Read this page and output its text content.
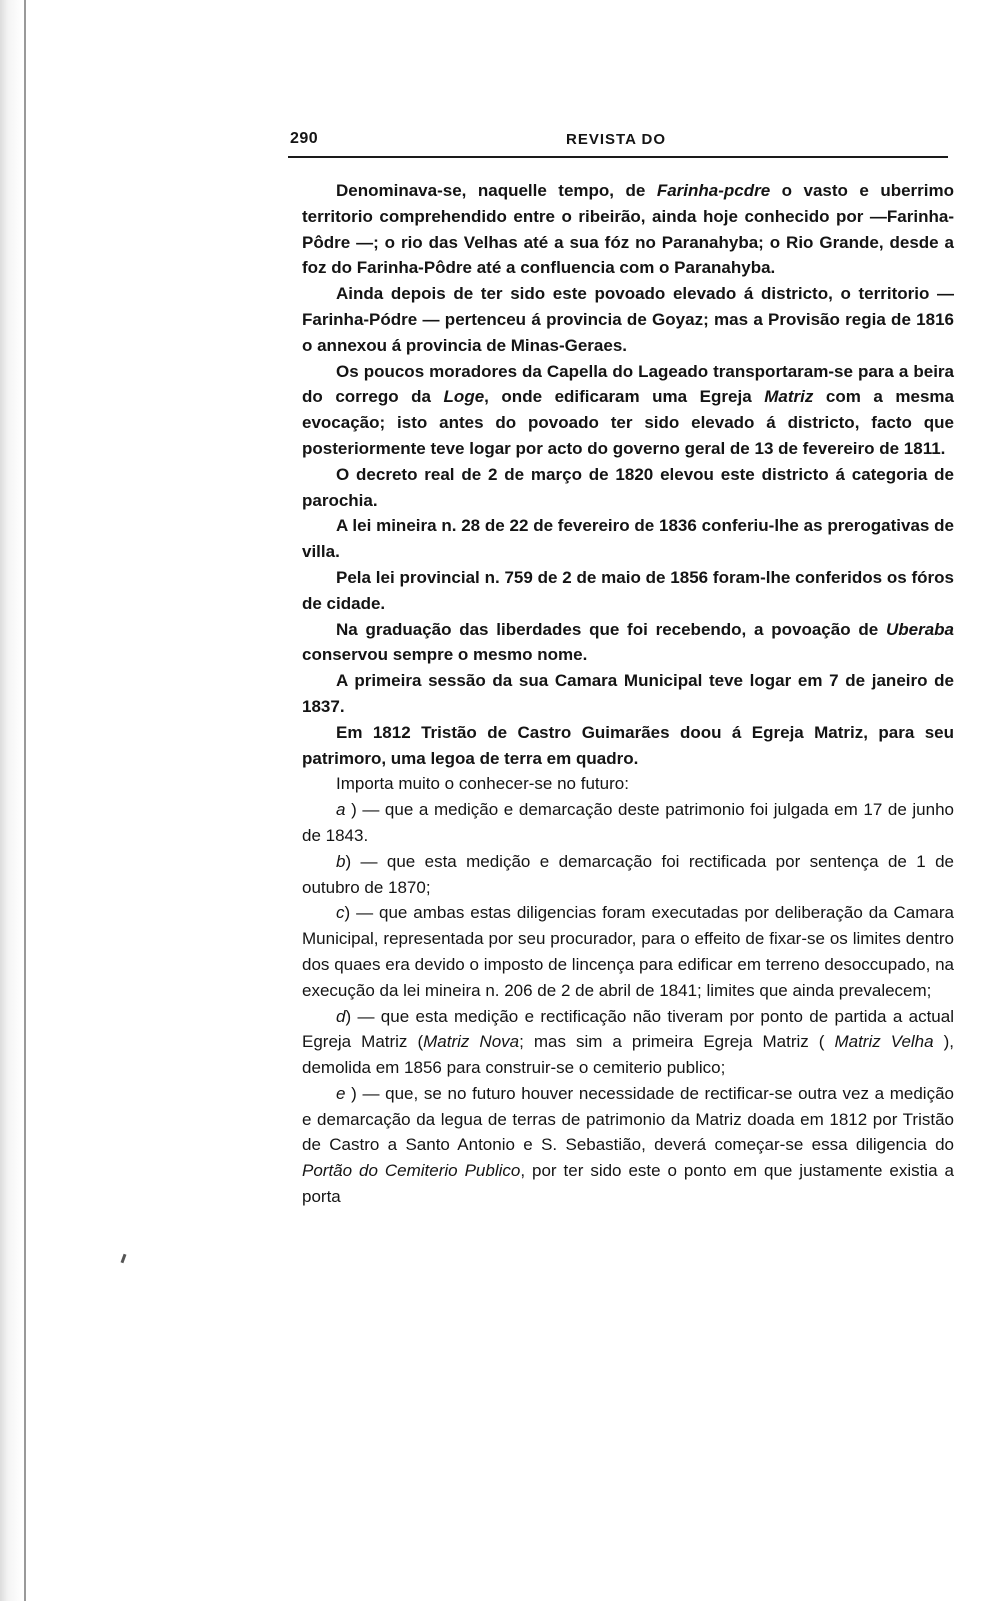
290	REVISTA DO

Denominava-se, naquelle tempo, de Farinha-pcdre o vasto e uberrimo territorio comprehendido entre o ribeirão, ainda hoje conhecido por —Farinha-Pôdre —; o rio das Velhas até a sua fóz no Paranahyba; o Rio Grande, desde a foz do Farinha-Pôdre até a confluencia com o Paranahyba.

Ainda depois de ter sido este povoado elevado á districto, o territorio — Farinha-Pódre — pertenceu á provincia de Goyaz; mas a Provisão regia de 1816 o annexou á provincia de Minas-Geraes.

Os poucos moradores da Capella do Lageado transportaram-se para a beira do corrego da Loge, onde edificaram uma Egreja Matriz com a mesma evocação; isto antes do povoado ter sido elevado á districto, facto que posteriormente teve logar por acto do governo geral de 13 de fevereiro de 1811.

O decreto real de 2 de março de 1820 elevou este districto á categoria de parochia.

A lei mineira n. 28 de 22 de fevereiro de 1836 conferiu-lhe as prerogativas de villa.

Pela lei provincial n. 759 de 2 de maio de 1856 foram-lhe conferidos os fóros de cidade.

Na graduação das liberdades que foi recebendo, a povoação de Uberaba conservou sempre o mesmo nome.

A primeira sessão da sua Camara Municipal teve logar em 7 de janeiro de 1837.

Em 1812 Tristão de Castro Guimarães doou á Egreja Matriz, para seu patrimoro, uma legoa de terra em quadro.

Importa muito o conhecer-se no futuro:

a ) — que a medição e demarcação deste patrimonio foi julgada em 17 de junho de 1843.

b) — que esta medição e demarcação foi rectificada por sentença de 1 de outubro de 1870;

c) — que ambas estas diligencias foram executadas por deliberação da Camara Municipal, representada por seu procurador, para o effeito de fixar-se os limites dentro dos quaes era devido o imposto de lincença para edificar em terreno desoccupado, na execução da lei mineira n. 206 de 2 de abril de 1841; limites que ainda prevalecem;

d) — que esta medição e rectificação não tiveram por ponto de partida a actual Egreja Matriz (Matriz Nova; mas sim a primeira Egreja Matriz ( Matriz Velha ), demolida em 1856 para construir-se o cemiterio publico;

e ) — que, se no futuro houver necessidade de rectificar-se outra vez a medição e demarcação da legua de terras de patrimonio da Matriz doada em 1812 por Tristão de Castro a Santo Antonio e S. Sebastião, deverá começar-se essa diligencia do Portão do Cemiterio Publico, por ter sido este o ponto em que justamente existia a porta
